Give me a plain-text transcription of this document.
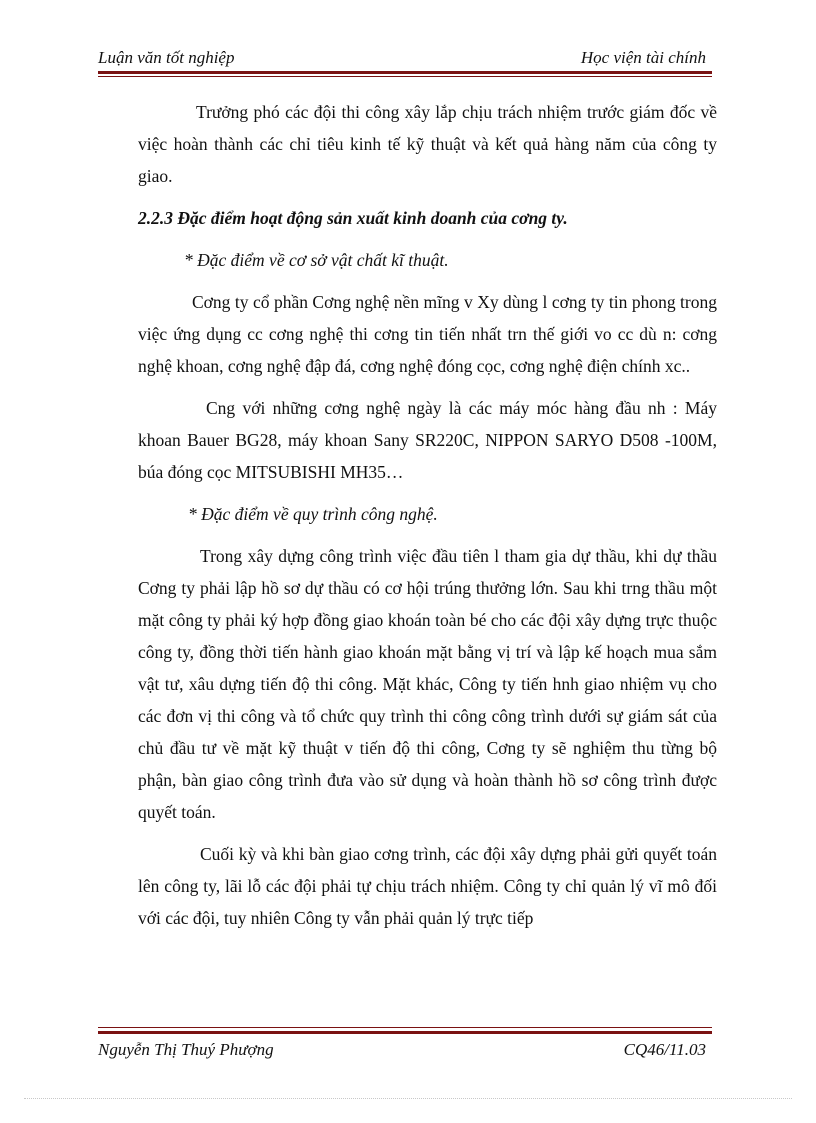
Luận văn tốt nghiệp	Học viện tài chính

Trưởng phó các đội thi công xây lắp chịu trách nhiệm trước giám đốc về việc hoàn thành các chỉ tiêu kinh tế kỹ thuật và kết quả hàng năm của công ty giao.

2.2.3 Đặc điểm hoạt động sản xuất kinh doanh của cơng ty.
* Đặc điểm về cơ sở vật chất kĩ thuật.

Cơng ty cổ phần Cơng nghệ nền mĩng v Xy dùng l cơng ty tin phong trong việc ứng dụng cc cơng nghệ thi cơng tin tiến nhất trn thế giới vo cc dù n: cơng nghệ khoan, cơng nghệ đập đá, cơng nghệ đóng cọc, cơng nghệ điện chính xc..

Cng với những cơng nghệ ngày là các máy móc hàng đầu nh : Máy khoan Bauer BG28, máy khoan Sany SR220C, NIPPON SARYO D508 -100M, búa đóng cọc MITSUBISHI MH35…

* Đặc điểm về quy trình công nghệ.

Trong xây dựng công trình việc đầu tiên l tham gia dự thầu, khi dự thầu Cơng ty phải lập hồ sơ dự thầu có cơ hội trúng thưởng lớn. Sau khi trng thầu một mặt công ty phải ký hợp đồng giao khoán toàn bé cho các đội xây dựng trực thuộc công ty, đồng thời tiến hành giao khoán mặt bằng vị trí và lập kế hoạch mua sắm vật tư, xâu dựng tiến độ thi công. Mặt khác, Công ty tiến hnh giao nhiệm vụ cho các đơn vị thi công và tổ chức quy trình thi công công trình dưới sự giám sát của chủ đầu tư về mặt kỹ thuật v tiến độ thi công, Cơng ty sẽ nghiệm thu từng bộ phận, bàn giao công trình đưa vào sử dụng và hoàn thành hồ sơ công trình được quyết toán.

Cuối kỳ và khi bàn giao cơng trình, các đội xây dựng phải gửi quyết toán lên công ty, lãi lỗ các đội phải tự chịu trách nhiệm. Công ty chỉ quản lý vĩ mô đối với các đội, tuy nhiên Công ty vẫn phải quản lý trực tiếp

Nguyễn Thị Thuý Phượng	CQ46/11.03
